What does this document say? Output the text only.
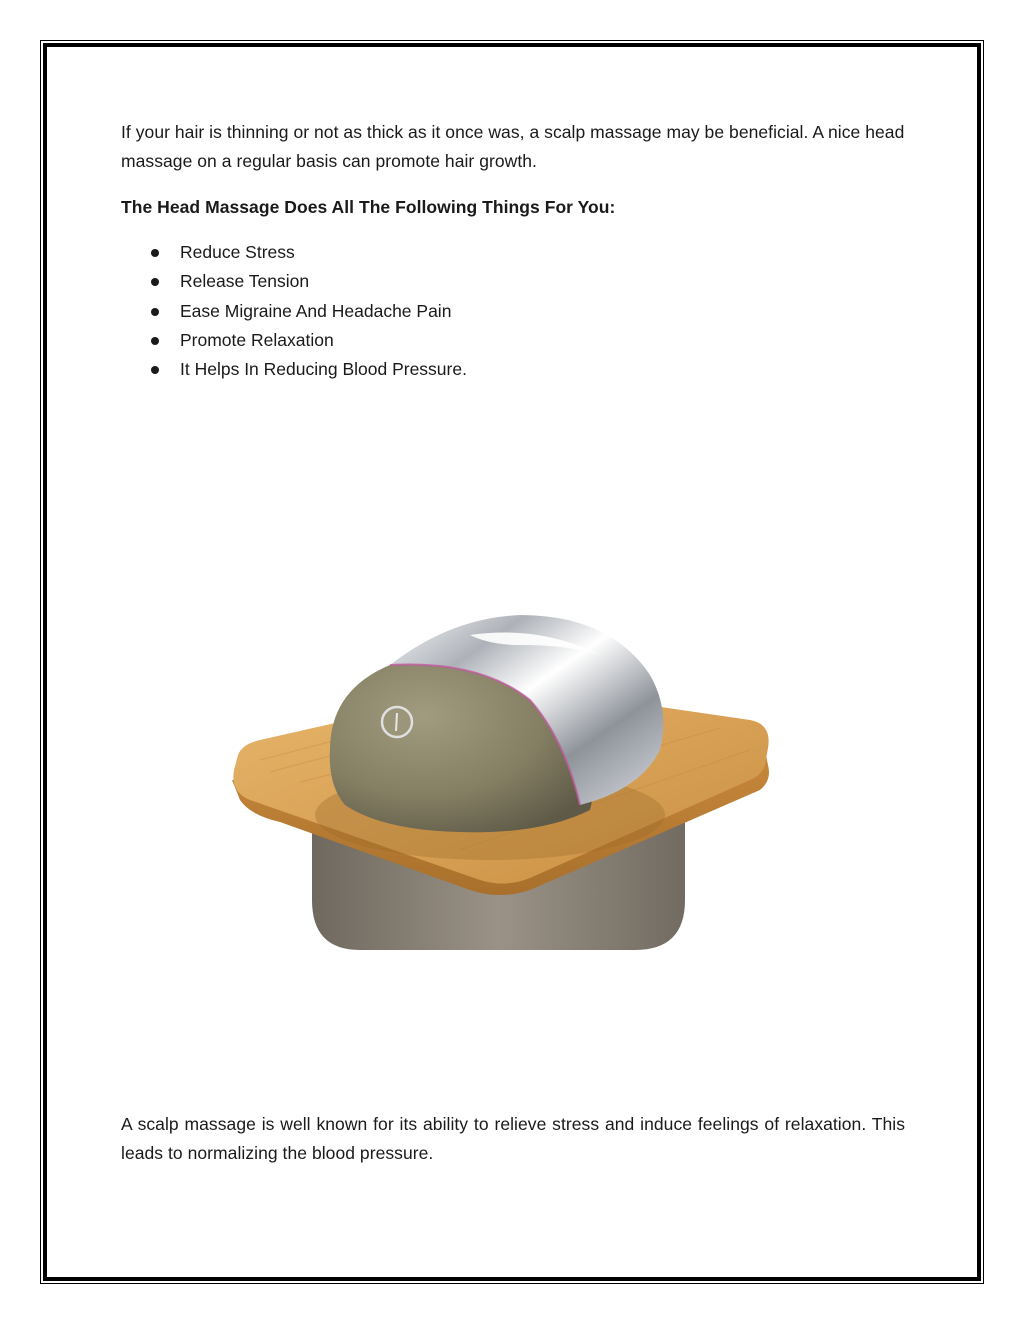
If your hair is thinning or not as thick as it once was, a scalp massage may be beneficial. A nice head massage on a regular basis can promote hair growth.

The Head Massage Does All The Following Things For You:

Reduce Stress
Release Tension
Ease Migraine And Headache Pain
Promote Relaxation
It Helps In Reducing Blood Pressure.

A scalp massage is well known for its ability to relieve stress and induce feelings of relaxation. This leads to normalizing the blood pressure.
